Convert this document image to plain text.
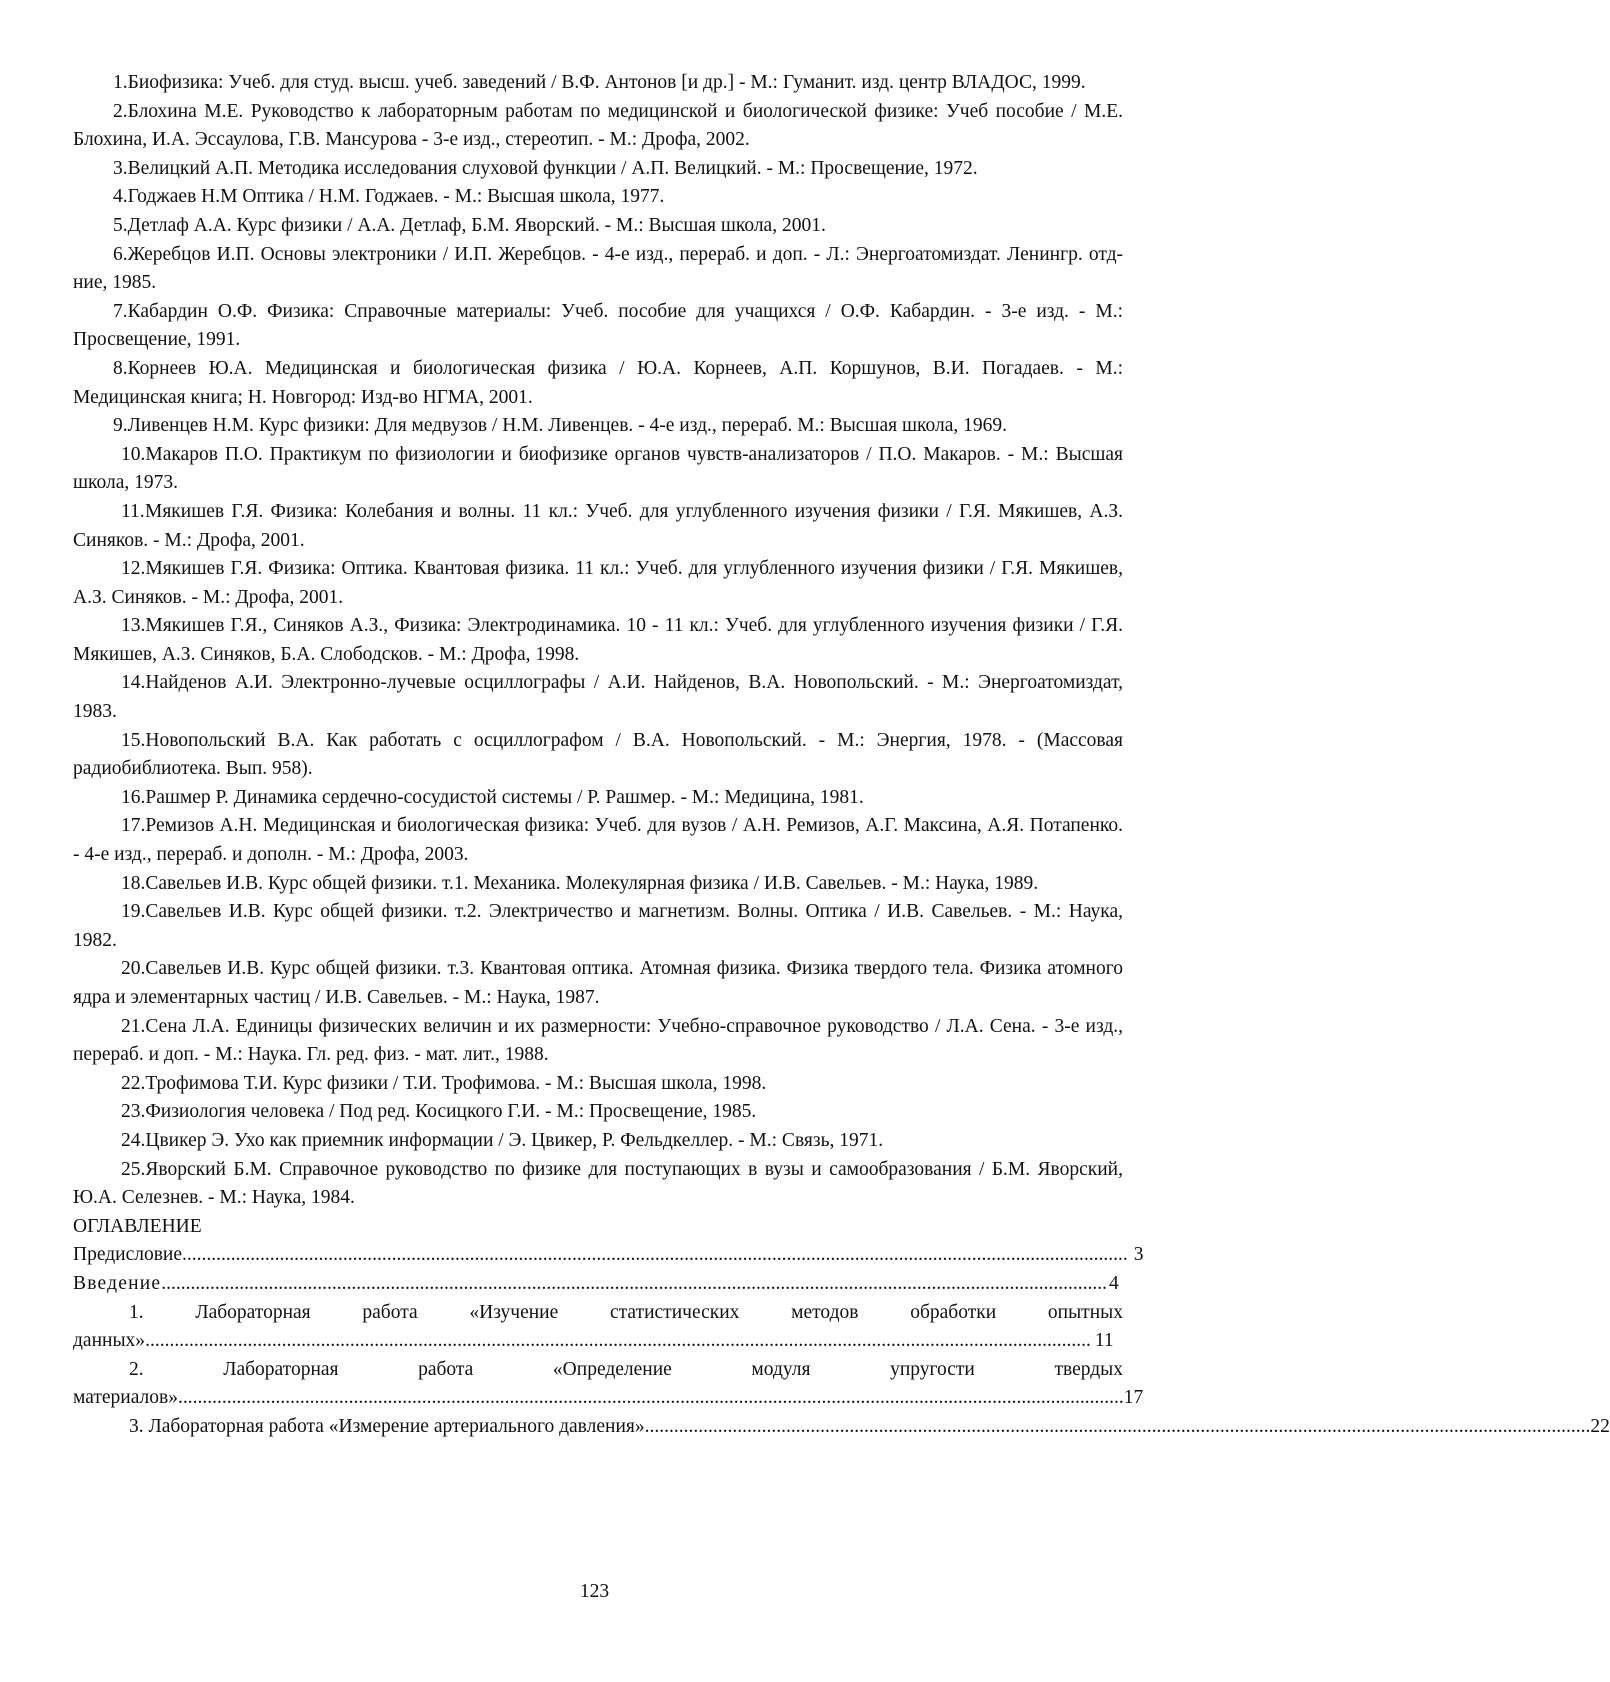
1.Биофизика: Учеб. для студ. высш. учеб. заведений / В.Ф. Антонов [и др.] - М.: Гуманит. изд. центр ВЛАДОС, 1999.

2.Блохина М.Е. Руководство к лабораторным работам по медицинской и биологической физике: Учеб пособие / М.Е. Блохина, И.А. Эссаулова, Г.В. Мансурова - 3-е изд., стереотип. - М.: Дрофа, 2002.

3.Велицкий А.П. Методика исследования слуховой функции / А.П. Велицкий. - М.: Просвещение, 1972.

4.Годжаев Н.М Оптика / Н.М. Годжаев. - М.: Высшая школа, 1977.

5.Детлаф А.А. Курс физики / А.А. Детлаф, Б.М. Яворский. - М.: Высшая школа, 2001.

6.Жеребцов И.П. Основы электроники / И.П. Жеребцов. - 4-е изд., перераб. и доп. - Л.: Энергоатомиздат. Ленингр. отд-ние, 1985.

7.Кабардин О.Ф. Физика: Справочные материалы: Учеб. пособие для учащихся / О.Ф. Кабардин. - 3-е изд. - М.: Просвещение, 1991.

8.Корнеев Ю.А. Медицинская и биологическая физика / Ю.А. Корнеев, А.П. Коршунов, В.И. Погадаев. - М.: Медицинская книга; Н. Новгород: Изд-во НГМА, 2001.

9.Ливенцев Н.М. Курс физики: Для медвузов / Н.М. Ливенцев. - 4-е изд., перераб. М.: Высшая школа, 1969.

10.Макаров П.О. Практикум по физиологии и биофизике органов чувств-анализаторов / П.О. Макаров. - М.: Высшая школа, 1973.

11.Мякишев Г.Я. Физика: Колебания и волны. 11 кл.: Учеб. для углубленного изучения физики / Г.Я. Мякишев, А.З. Синяков. - М.: Дрофа, 2001.

12.Мякишев Г.Я. Физика: Оптика. Квантовая физика. 11 кл.: Учеб. для углубленного изучения физики / Г.Я. Мякишев, А.З. Синяков. - М.: Дрофа, 2001.

13.Мякишев Г.Я., Синяков А.З., Физика: Электродинамика. 10 - 11 кл.: Учеб. для углубленного изучения физики / Г.Я. Мякишев, А.З. Синяков, Б.А. Слободсков. - М.: Дрофа, 1998.

14.Найденов А.И. Электронно-лучевые осциллографы / А.И. Найденов, В.А. Новопольский. - М.: Энергоатомиздат, 1983.

15.Новопольский В.А. Как работать с осциллографом / В.А. Новопольский. - М.: Энергия, 1978. - (Массовая радиобиблиотека. Вып. 958).

16.Рашмер Р. Динамика сердечно-сосудистой системы / Р. Рашмер. - М.: Медицина, 1981.

17.Ремизов А.Н. Медицинская и биологическая физика: Учеб. для вузов / А.Н. Ремизов, А.Г. Максина, А.Я. Потапенко. - 4-е изд., перераб. и дополн. - М.: Дрофа, 2003.

18.Савельев И.В. Курс общей физики. т.1. Механика. Молекулярная физика / И.В. Савельев. - М.: Наука, 1989.

19.Савельев И.В. Курс общей физики. т.2. Электричество и магнетизм. Волны. Оптика / И.В. Савельев. - М.: Наука, 1982.

20.Савельев И.В. Курс общей физики. т.3. Квантовая оптика. Атомная физика. Физика твердого тела. Физика атомного ядра и элементарных частиц / И.В. Савельев. - М.: Наука, 1987.

21.Сена Л.А. Единицы физических величин и их размерности: Учебно-справочное руководство / Л.А. Сена. - 3-е изд., перераб. и доп. - М.: Наука. Гл. ред. физ. - мат. лит., 1988.

22.Трофимова Т.И. Курс физики / Т.И. Трофимова. - М.: Высшая школа, 1998.

23.Физиология человека / Под ред. Косицкого Г.И. - М.: Просвещение, 1985.

24.Цвикер Э. Ухо как приемник информации / Э. Цвикер, Р. Фельдкеллер. - М.: Связь, 1971.

25.Яворский Б.М. Справочное руководство по физике для поступающих в вузы и самообразования / Б.М. Яворский, Ю.А. Селезнев. - М.: Наука, 1984.

ОГЛАВЛЕНИЕ

Предисловие .................................................................................................................................................................................................. 3
Введение .................................................................................................................................................................................................. 4

1. Лабораторная работа «Изучение статистических методов обработки опытных

данных» .................................................................................................................................................................................................. 11

2. Лабораторная работа «Определение модуля упругости твердых

материалов» .................................................................................................................................................................................................. 17
3. Лабораторная работа «Измерение артериального давления» .................................................................................................................................................................................................. 22
123
